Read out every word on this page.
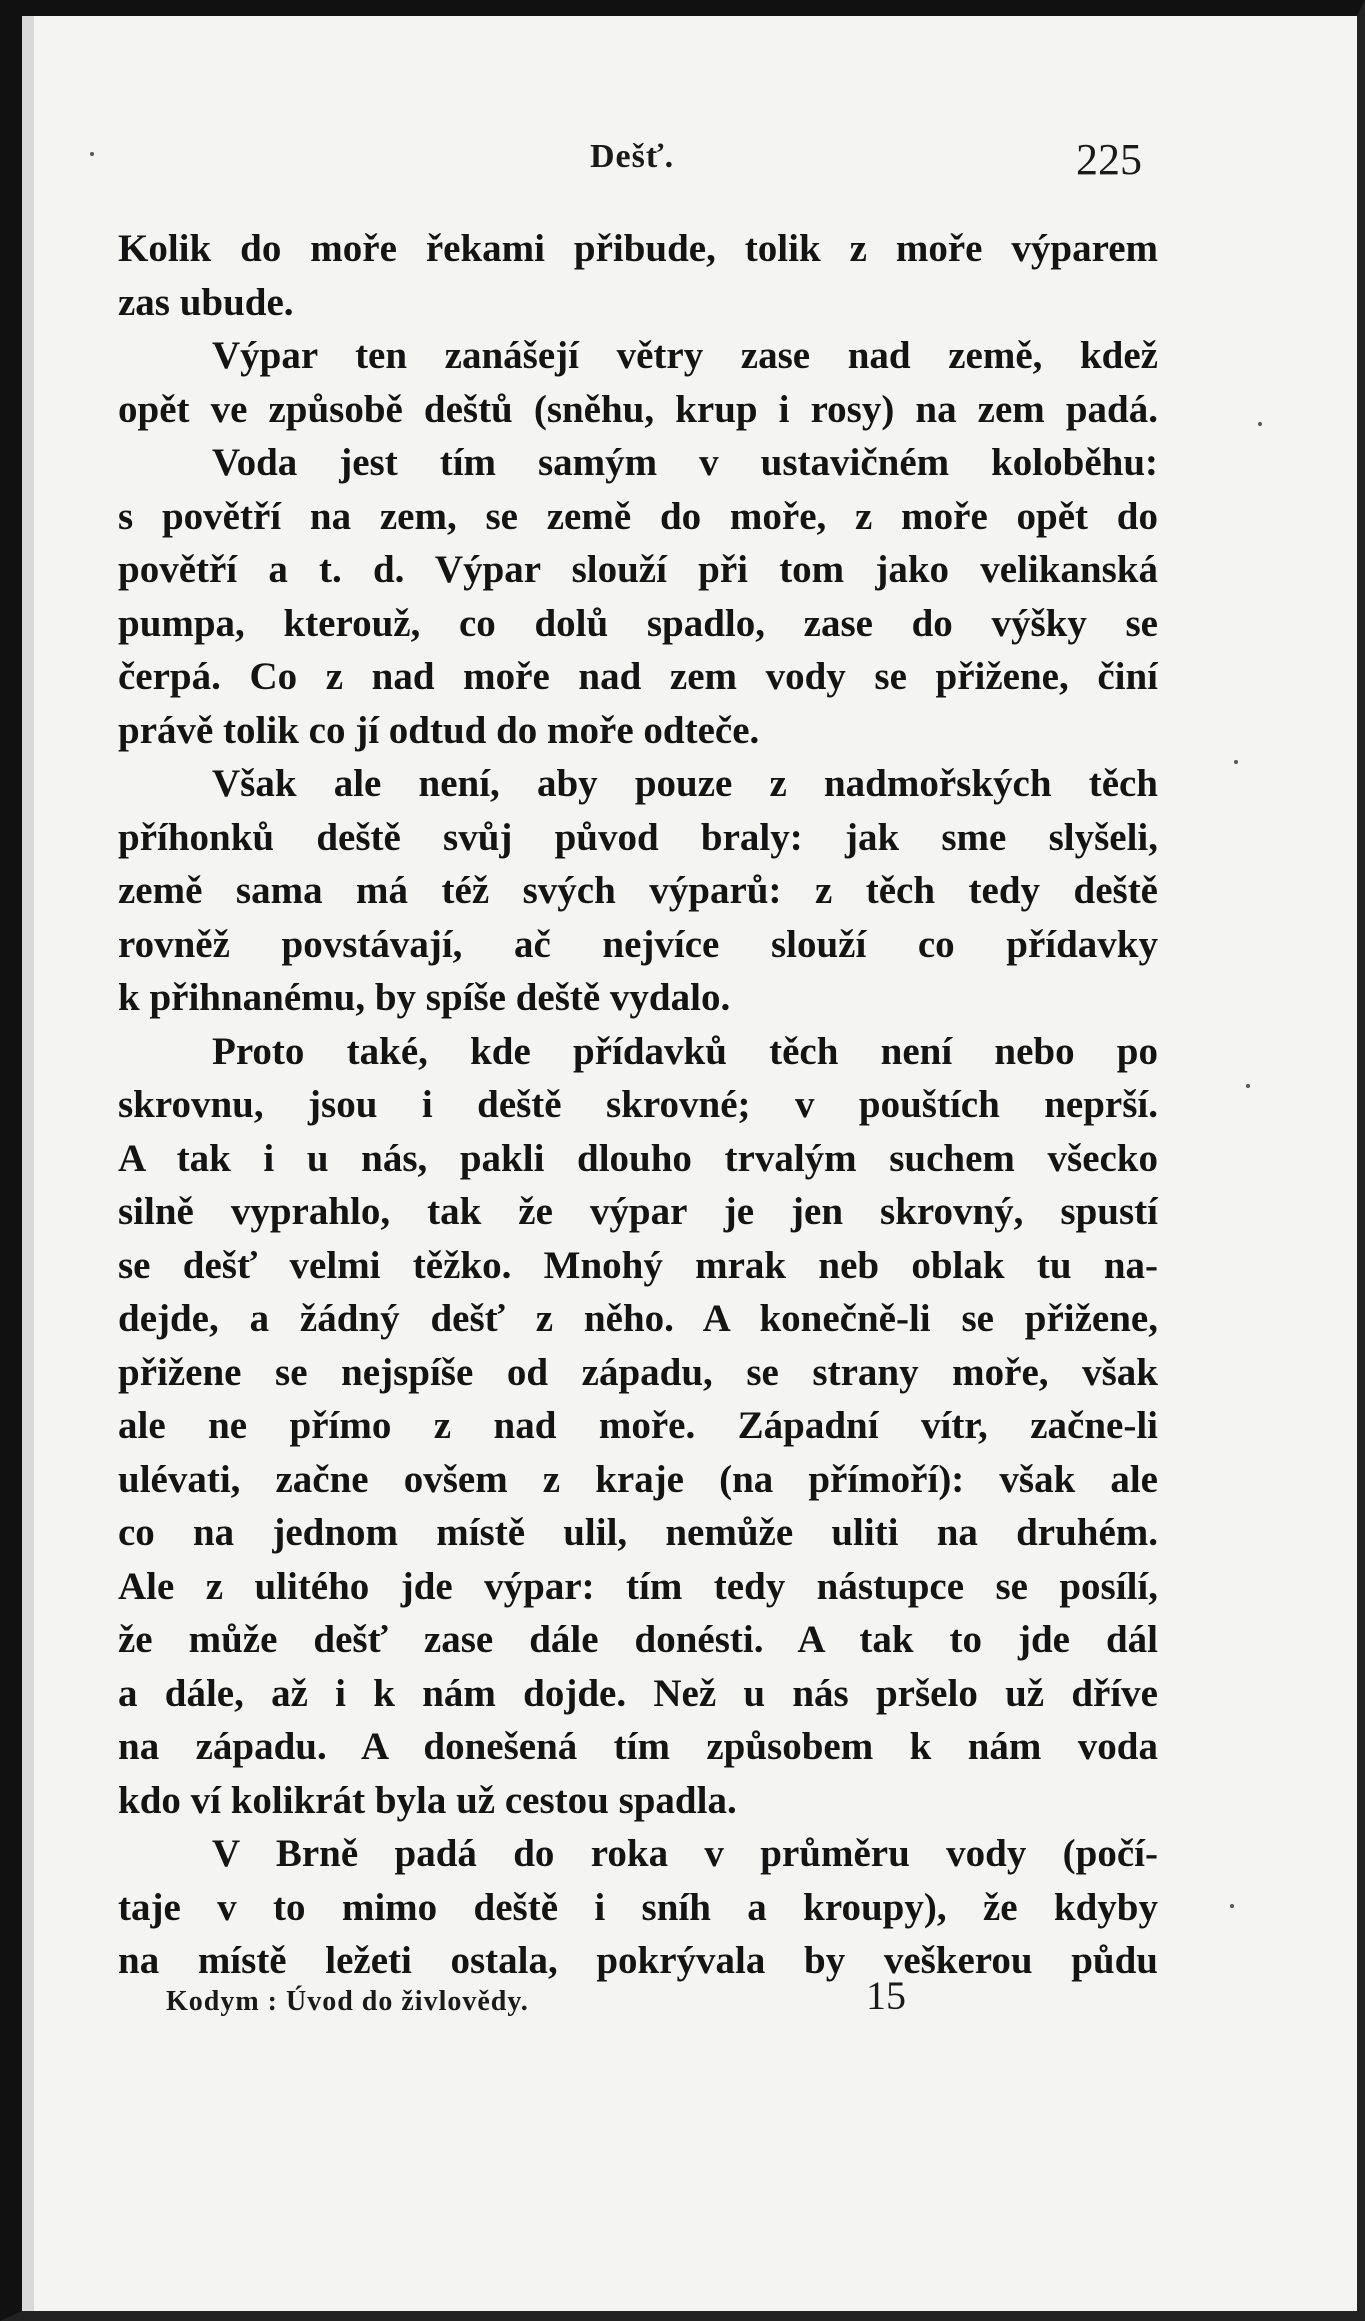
Dešť.	225
Kolik do moře řekami přibude, tolik z moře výparem
zas ubude.
Výpar ten zanášejí větry zase nad země, kdež
opět ve způsobě deštů (sněhu, krup i rosy) na zem padá.
Voda jest tím samým v ustavičném koloběhu:
s povětří na zem, se země do moře, z moře opět do
povětří a t. d. Výpar slouží při tom jako velikanská
pumpa, kterouž, co dolů spadlo, zase do výšky se
čerpá. Co z nad moře nad zem vody se přižene, činí
právě tolik co jí odtud do moře odteče.
Však ale není, aby pouze z nadmořských těch
příhonků deště svůj původ braly: jak sme slyšeli,
země sama má též svých výparů: z těch tedy deště
rovněž povstávají, ač nejvíce slouží co přídavky
k přihnanému, by spíše deště vydalo.
Proto také, kde přídavků těch není nebo po
skrovnu, jsou i deště skrovné; v pouštích neprší.
A tak i u nás, pakli dlouho trvalým suchem všecko
silně vyprahlo, tak že výpar je jen skrovný, spustí
se dešť velmi těžko. Mnohý mrak neb oblak tu na-
dejde, a žádný dešť z něho. A konečně-li se přižene,
přižene se nejspíše od západu, se strany moře, však
ale ne přímo z nad moře. Západní vítr, začne-li
ulévati, začne ovšem z kraje (na přímoří): však ale
co na jednom místě ulil, nemůže uliti na druhém.
Ale z ulitého jde výpar: tím tedy nástupce se posílí,
že může dešť zase dále donésti. A tak to jde dál
a dále, až i k nám dojde. Než u nás pršelo už dříve
na západu. A donešená tím způsobem k nám voda
kdo ví kolikrát byla už cestou spadla.
V Brně padá do roka v průměru vody (počí-
taje v to mimo deště i sníh a kroupy), že kdyby
na místě ležeti ostala, pokrývala by veškerou půdu
Kodym : Úvod do živlovědy.	15
